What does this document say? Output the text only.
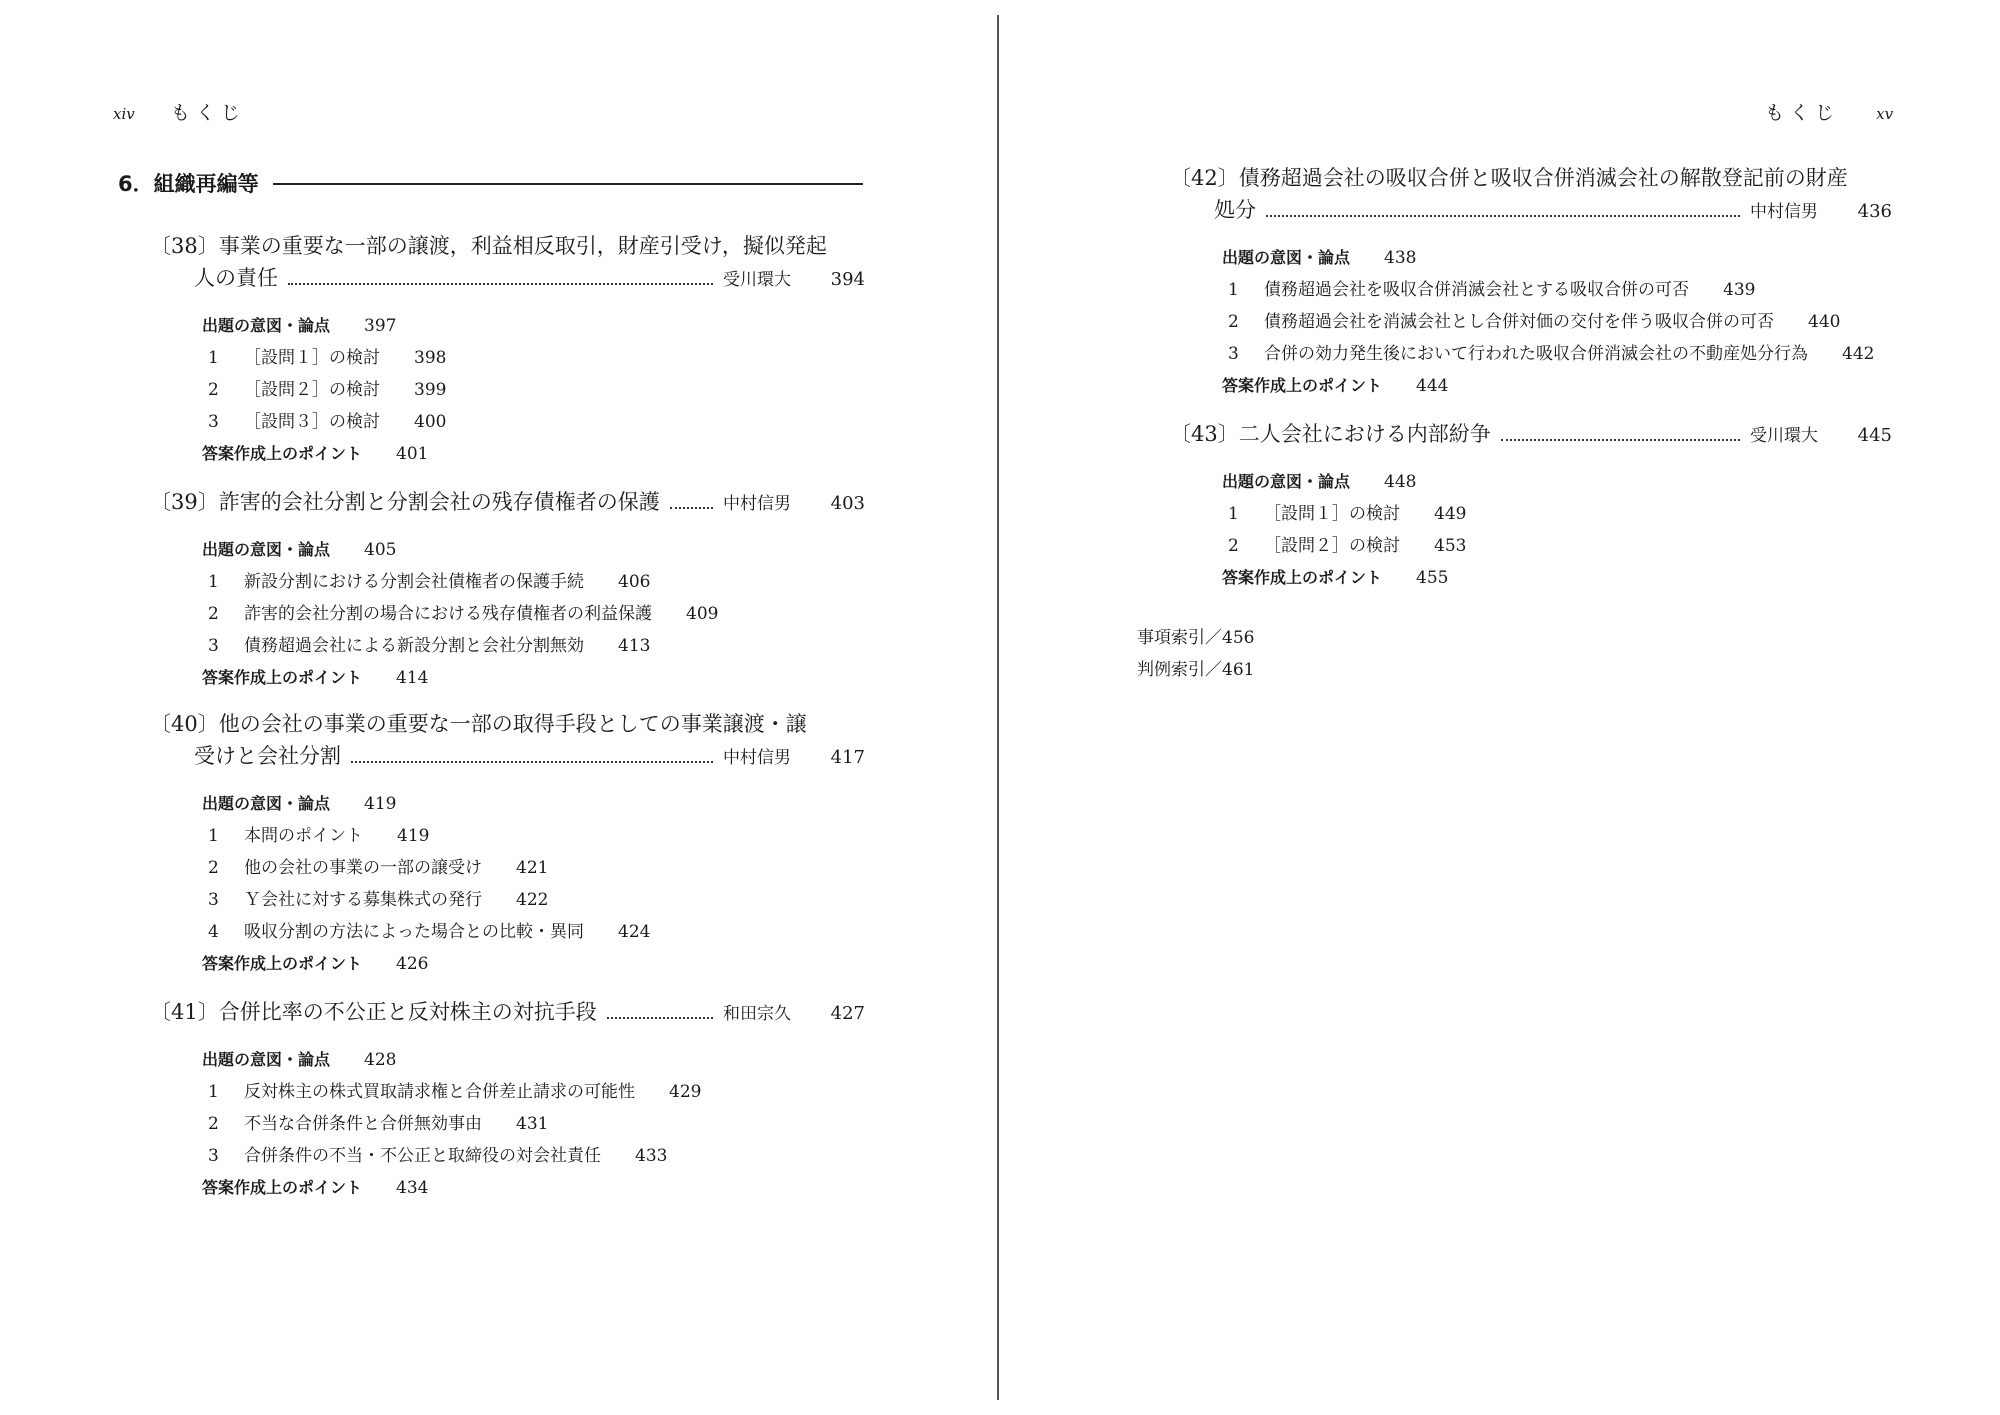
xiv もくじ
6．組織再編等
〔38〕事業の重要な一部の譲渡，利益相反取引，財産引受け，擬似発起
人の責任	受川環大	394
出題の意図・論点 397
1 ［設問１］の検討 398
2 ［設問２］の検討 399
3 ［設問３］の検討 400
答案作成上のポイント 401
〔39〕 詐害的会社分割と分割会社の残存債権者の保護	中村信男	403
出題の意図・論点 405
1 新設分割における分割会社債権者の保護手続 406
2 詐害的会社分割の場合における残存債権者の利益保護 409
3 債務超過会社による新設分割と会社分割無効 413
答案作成上のポイント 414
〔40〕他の会社の事業の重要な一部の取得手段としての事業譲渡・譲
受けと会社分割	中村信男	417
出題の意図・論点 419
1 本問のポイント 419
2 他の会社の事業の一部の譲受け 421
3 Ｙ会社に対する募集株式の発行 422
4 吸収分割の方法によった場合との比較・異同 424
答案作成上のポイント 426
〔41〕 合併比率の不公正と反対株主の対抗手段	和田宗久	427
出題の意図・論点 428
1 反対株主の株式買取請求権と合併差止請求の可能性 429
2 不当な合併条件と合併無効事由 431
3 合併条件の不当・不公正と取締役の対会社責任 433
答案作成上のポイント 434
もくじ xv
〔42〕債務超過会社の吸収合併と吸収合併消滅会社の解散登記前の財産
処分	中村信男	436
出題の意図・論点 438
1 債務超過会社を吸収合併消滅会社とする吸収合併の可否 439
2 債務超過会社を消滅会社とし合併対価の交付を伴う吸収合併の可否 440
3 合併の効力発生後において行われた吸収合併消滅会社の不動産処分行為 442
答案作成上のポイント 444
〔43〕 二人会社における内部紛争	受川環大	445
出題の意図・論点 448
1 ［設問１］の検討 449
2 ［設問２］の検討 453
答案作成上のポイント 455
事項索引／456
判例索引／461
